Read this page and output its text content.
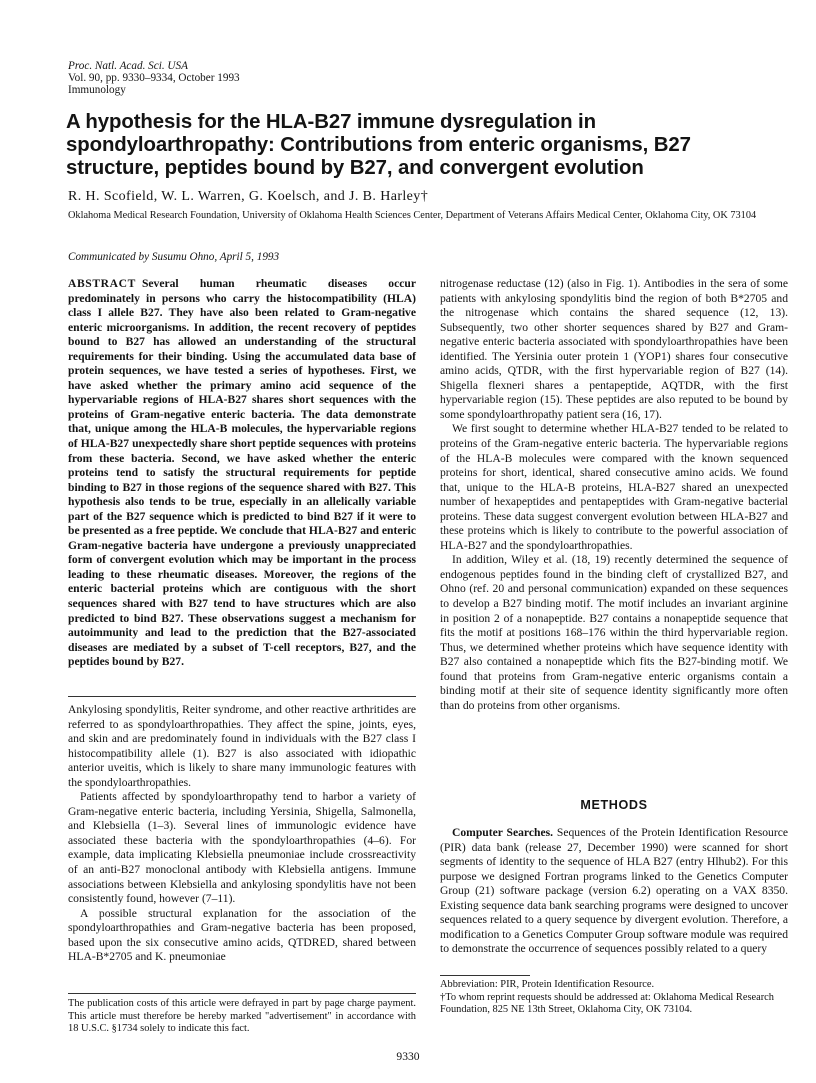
Proc. Natl. Acad. Sci. USA
Vol. 90, pp. 9330–9334, October 1993
Immunology
A hypothesis for the HLA-B27 immune dysregulation in spondyloarthropathy: Contributions from enteric organisms, B27 structure, peptides bound by B27, and convergent evolution
R. H. Scofield, W. L. Warren, G. Koelsch, and J. B. Harley†
Oklahoma Medical Research Foundation, University of Oklahoma Health Sciences Center, Department of Veterans Affairs Medical Center, Oklahoma City, OK 73104
Communicated by Susumu Ohno, April 5, 1993

ABSTRACT Several human rheumatic diseases occur predominately in persons who carry the histocompatibility (HLA) class I allele B27. They have also been related to Gram-negative enteric microorganisms. In addition, the recent recovery of peptides bound to B27 has allowed an understanding of the structural requirements for their binding. Using the accumulated data base of protein sequences, we have tested a series of hypotheses. First, we have asked whether the primary amino acid sequence of the hypervariable regions of HLA-B27 shares short sequences with the proteins of Gram-negative enteric bacteria. The data demonstrate that, unique among the HLA-B molecules, the hypervariable regions of HLA-B27 unexpectedly share short peptide sequences with proteins from these bacteria. Second, we have asked whether the enteric proteins tend to satisfy the structural requirements for peptide binding to B27 in those regions of the sequence shared with B27. This hypothesis also tends to be true, especially in an allelically variable part of the B27 sequence which is predicted to bind B27 if it were to be presented as a free peptide. We conclude that HLA-B27 and enteric Gram-negative bacteria have undergone a previously unappreciated form of convergent evolution which may be important in the process leading to these rheumatic diseases. Moreover, the regions of the enteric bacterial proteins which are contiguous with the short sequences shared with B27 tend to have structures which are also predicted to bind B27. These observations suggest a mechanism for autoimmunity and lead to the prediction that the B27-associated diseases are mediated by a subset of T-cell receptors, B27, and the peptides bound by B27.

Ankylosing spondylitis, Reiter syndrome, and other reactive arthritides are referred to as spondyloarthropathies. They affect the spine, joints, eyes, and skin and are predominately found in individuals with the B27 class I histocompatibility allele (1). B27 is also associated with idiopathic anterior uveitis, which is likely to share many immunologic features with the spondyloarthropathies.

Patients affected by spondyloarthropathy tend to harbor a variety of Gram-negative enteric bacteria, including Yersinia, Shigella, Salmonella, and Klebsiella (1–3). Several lines of immunologic evidence have associated these bacteria with the spondyloarthropathies (4–6). For example, data implicating Klebsiella pneumoniae include crossreactivity of an anti-B27 monoclonal antibody with Klebsiella antigens. Immune associations between Klebsiella and ankylosing spondylitis have not been consistently found, however (7–11).

A possible structural explanation for the association of the spondyloarthropathies and Gram-negative bacteria has been proposed, based upon the six consecutive amino acids, QTDRED, shared between HLA-B*2705 and K. pneumoniae

nitrogenase reductase (12) (also in Fig. 1). Antibodies in the sera of some patients with ankylosing spondylitis bind the region of both B*2705 and the nitrogenase which contains the shared sequence (12, 13). Subsequently, two other shorter sequences shared by B27 and Gram-negative enteric bacteria associated with spondyloarthropathies have been identified. The Yersinia outer protein 1 (YOP1) shares four consecutive amino acids, QTDR, with the first hypervariable region of B27 (14). Shigella flexneri shares a pentapeptide, AQTDR, with the first hypervariable region (15). These peptides are also reputed to be bound by some spondyloarthropathy patient sera (16, 17).

We first sought to determine whether HLA-B27 tended to be related to proteins of the Gram-negative enteric bacteria. The hypervariable regions of the HLA-B molecules were compared with the known sequenced proteins for short, identical, shared consecutive amino acids. We found that, unique to the HLA-B proteins, HLA-B27 shared an unexpected number of hexapeptides and pentapeptides with Gram-negative bacterial proteins. These data suggest convergent evolution between HLA-B27 and these proteins which is likely to contribute to the powerful association of HLA-B27 and the spondyloarthropathies.

In addition, Wiley et al. (18, 19) recently determined the sequence of endogenous peptides found in the binding cleft of crystallized B27, and Ohno (ref. 20 and personal communication) expanded on these sequences to develop a B27 binding motif. The motif includes an invariant arginine in position 2 of a nonapeptide. B27 contains a nonapeptide sequence that fits the motif at positions 168–176 within the third hypervariable region. Thus, we determined whether proteins which have sequence identity with B27 also contained a nonapeptide which fits the B27-binding motif. We found that proteins from Gram-negative enteric organisms contain a binding motif at their site of sequence identity significantly more often than do proteins from other organisms.

METHODS

Computer Searches. Sequences of the Protein Identification Resource (PIR) data bank (release 27, December 1990) were scanned for short segments of identity to the sequence of HLA B27 (entry Hlhub2). For this purpose we designed Fortran programs linked to the Genetics Computer Group (21) software package (version 6.2) operating on a VAX 8350. Existing sequence data bank searching programs were designed to uncover sequences related to a query sequence by divergent evolution. Therefore, a modification to a Genetics Computer Group software module was required to demonstrate the occurrence of sequences possibly related to a query

Abbreviation: PIR, Protein Identification Resource.

†To whom reprint requests should be addressed at: Oklahoma Medical Research Foundation, 825 NE 13th Street, Oklahoma City, OK 73104.

The publication costs of this article were defrayed in part by page charge payment. This article must therefore be hereby marked "advertisement" in accordance with 18 U.S.C. §1734 solely to indicate this fact.

9330
